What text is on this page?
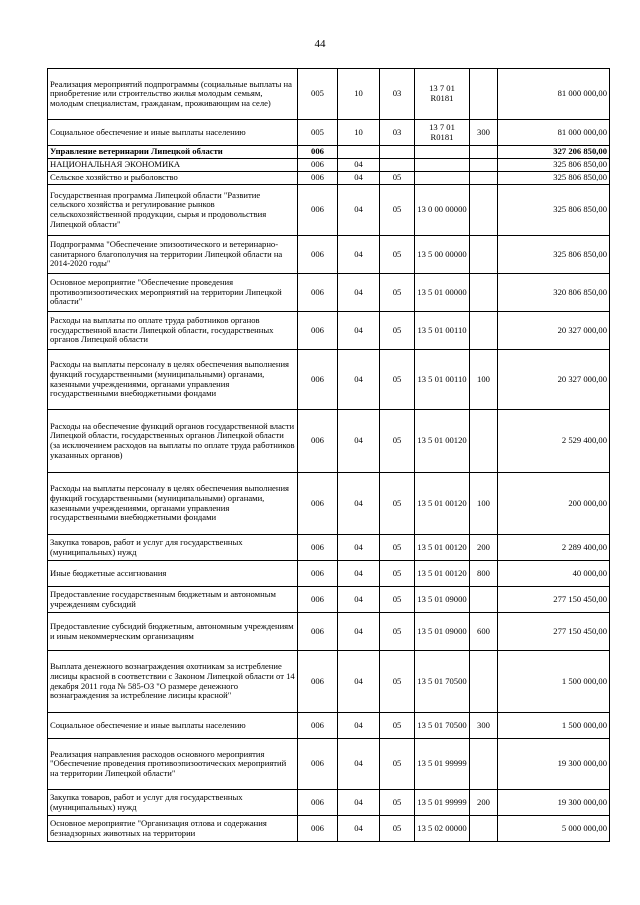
44
Реализация мероприятий подпрограммы (социальные выплаты на приобретение или строительство жилья молодым семьям, молодым специалистам, гражданам, проживающим на селе)	005	10	03	13 7 01 R0181		81 000 000,00
Социальное обеспечение и иные выплаты населению	005	10	03	13 7 01 R0181	300	81 000 000,00
Управление ветеринарии Липецкой области	006					327 206 850,00
НАЦИОНАЛЬНАЯ ЭКОНОМИКА	006	04				325 806 850,00
Сельское хозяйство и рыболовство	006	04	05			325 806 850,00
Государственная программа Липецкой области "Развитие сельского хозяйства и регулирование рынков сельскохозяйственной продукции, сырья и продовольствия Липецкой области"	006	04	05	13 0 00 00000		325 806 850,00
Подпрограмма "Обеспечение эпизоотического и ветеринарно-санитарного благополучия на территории Липецкой области на 2014-2020 годы"	006	04	05	13 5 00 00000		325 806 850,00
Основное мероприятие "Обеспечение проведения противоэпизоотических мероприятий на территории Липецкой области"	006	04	05	13 5 01 00000		320 806 850,00
Расходы на выплаты по оплате труда работников органов государственной власти Липецкой области, государственных органов Липецкой области	006	04	05	13 5 01 00110		20 327 000,00
Расходы на выплаты персоналу в целях обеспечения выполнения функций государственными (муниципальными) органами, казенными учреждениями, органами управления государственными внебюджетными фондами	006	04	05	13 5 01 00110	100	20 327 000,00
Расходы на обеспечение функций органов государственной власти Липецкой области, государственных органов Липецкой области (за исключением расходов на выплаты по оплате труда работников указанных органов)	006	04	05	13 5 01 00120		2 529 400,00
Расходы на выплаты персоналу в целях обеспечения выполнения функций государственными (муниципальными) органами, казенными учреждениями, органами управления государственными внебюджетными фондами	006	04	05	13 5 01 00120	100	200 000,00
Закупка товаров, работ и услуг для государственных (муниципальных) нужд	006	04	05	13 5 01 00120	200	2 289 400,00
Иные бюджетные ассигнования	006	04	05	13 5 01 00120	800	40 000,00
Предоставление государственным бюджетным и автономным учреждениям субсидий	006	04	05	13 5 01 09000		277 150 450,00
Предоставление субсидий бюджетным, автономным учреждениям и иным некоммерческим организациям	006	04	05	13 5 01 09000	600	277 150 450,00
Выплата денежного вознаграждения охотникам за истребление лисицы красной в соответствии с Законом Липецкой области от 14 декабря 2011 года № 585-ОЗ "О размере денежного вознаграждения за истребление лисицы красной"	006	04	05	13 5 01 70500		1 500 000,00
Социальное обеспечение и иные выплаты населению	006	04	05	13 5 01 70500	300	1 500 000,00
Реализация направления расходов основного мероприятия "Обеспечение проведения противоэпизоотических мероприятий на территории Липецкой области"	006	04	05	13 5 01 99999		19 300 000,00
Закупка товаров, работ и услуг для государственных (муниципальных) нужд	006	04	05	13 5 01 99999	200	19 300 000,00
Основное мероприятие "Организация отлова и содержания безнадзорных животных на территории	006	04	05	13 5 02 00000		5 000 000,00
